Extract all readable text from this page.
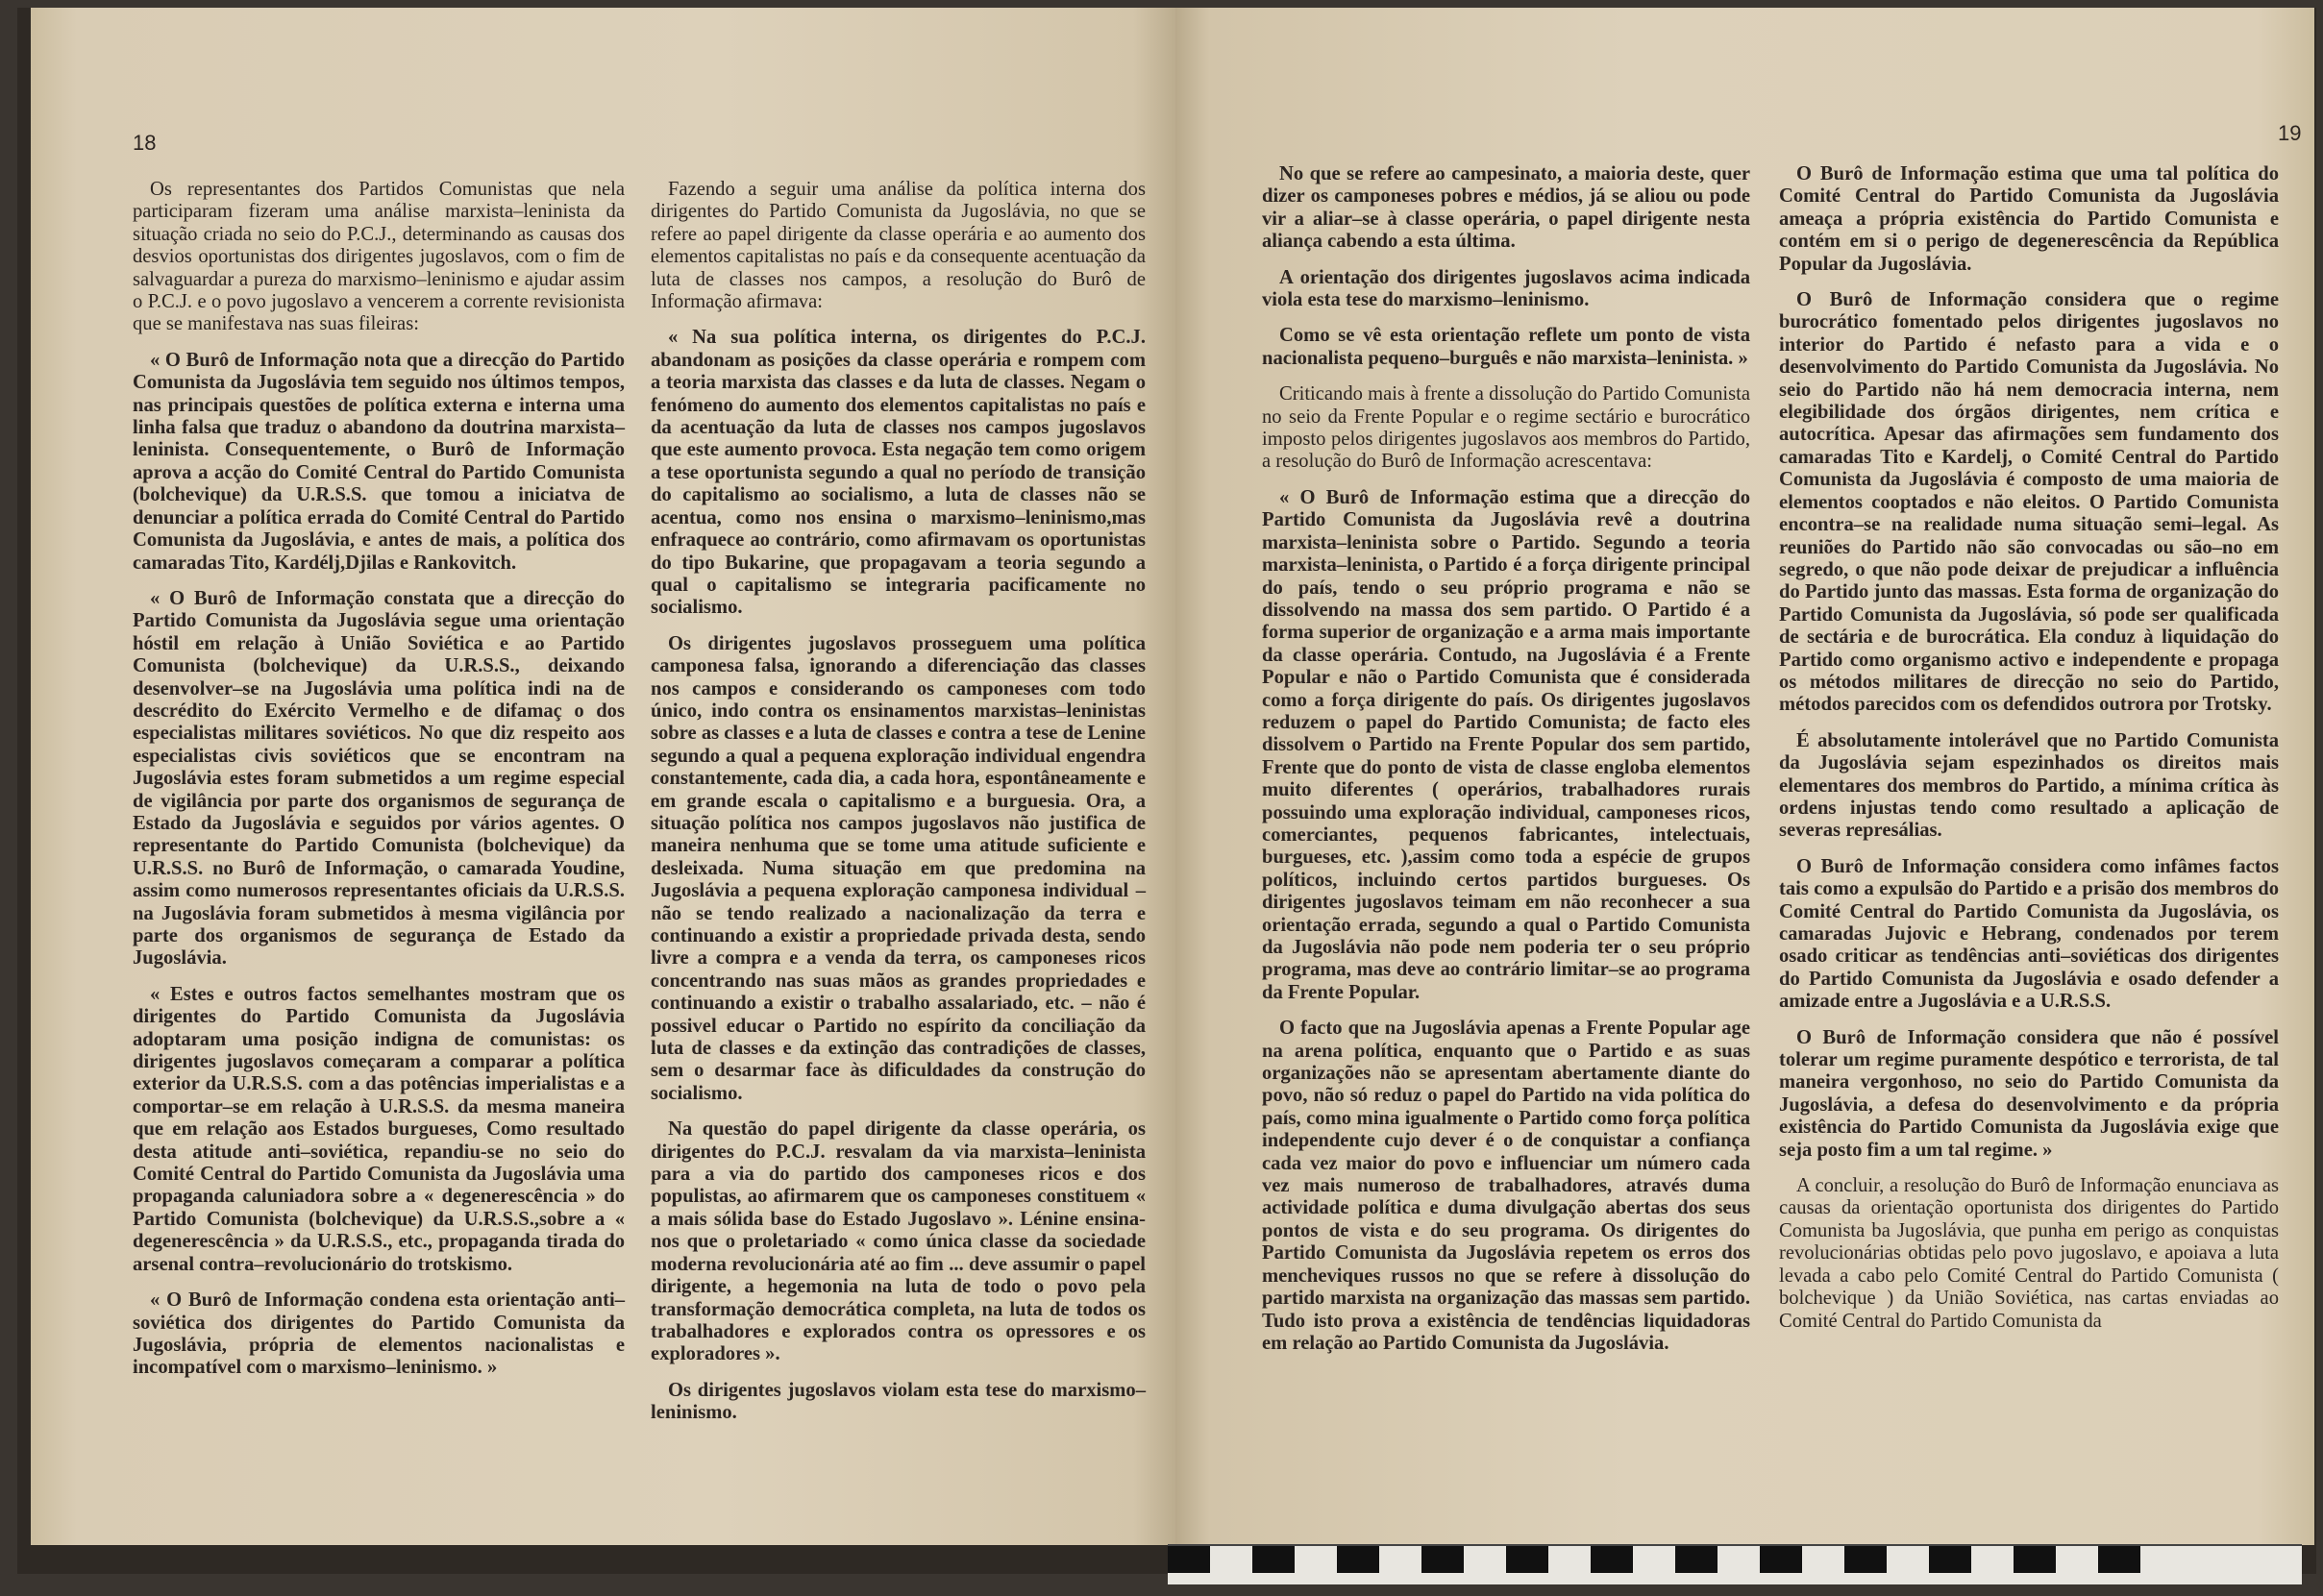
18

Os representantes dos Partidos Comunistas que nela participaram fizeram uma análise marxista–leninista da situação criada no seio do P.C.J., determinando as causas dos desvios oportunistas dos dirigentes jugoslavos, com o fim de salvaguardar a pureza do marxismo–leninismo e ajudar assim o P.C.J. e o povo jugoslavo a vencerem a corrente revisionista que se manifestava nas suas fileiras:

« O Burô de Informação nota que a direcção do Partido Comunista da Jugoslávia tem seguido nos últimos tempos, nas principais questões de política externa e interna uma linha falsa que traduz o abandono da doutrina marxista–leninista. Consequentemente, o Burô de Informação aprova a acção do Comité Central do Partido Comunista (bolchevique) da U.R.S.S. que tomou a iniciatva de denunciar a política errada do Comité Central do Partido Comunista da Jugoslávia, e antes de mais, a política dos camaradas Tito, Kardélj,Djilas e Rankovitch.

« O Burô de Informação constata que a direcção do Partido Comunista da Jugoslávia segue uma orientação hóstil em relação à União Soviética e ao Partido Comunista (bolchevique) da U.R.S.S., deixando desenvolver–se na Jugoslávia uma política indi na de descrédito do Exército Vermelho e de difamaç o dos especialistas militares soviéticos. No que diz respeito aos especialistas civis soviéticos que se encontram na Jugoslávia estes foram submetidos a um regime especial de vigilância por parte dos organismos de segurança de Estado da Jugoslávia e seguidos por vários agentes. O representante do Partido Comunista (bolchevique) da U.R.S.S. no Burô de Informação, o camarada Youdine, assim como numerosos representantes oficiais da U.R.S.S. na Jugoslávia foram submetidos à mesma vigilância por parte dos organismos de segurança de Estado da Jugoslávia.

« Estes e outros factos semelhantes mostram que os dirigentes do Partido Comunista da Jugoslávia adoptaram uma posição indigna de comunistas: os dirigentes jugoslavos começaram a comparar a política exterior da U.R.S.S. com a das potências imperialistas e a comportar–se em relação à U.R.S.S. da mesma maneira que em relação aos Estados burgueses, Como resultado desta atitude anti–soviética, repandiu-se no seio do Comité Central do Partido Comunista da Jugoslávia uma propaganda caluniadora sobre a « degenerescência » do Partido Comunista (bolchevique) da U.R.S.S.,sobre a « degenerescência » da U.R.S.S., etc., propaganda tirada do arsenal contra–revolucionário do trotskismo.

« O Burô de Informação condena esta orientação anti–soviética dos dirigentes do Partido Comunista da Jugoslávia, própria de elementos nacionalistas e incompatível com o marxismo–leninismo. »

Fazendo a seguir uma análise da política interna dos dirigentes do Partido Comunista da Jugoslávia, no que se refere ao papel dirigente da classe operária e ao aumento dos elementos capitalistas no país e da consequente acentuação da luta de classes nos campos, a resolução do Burô de Informação afirmava:

« Na sua política interna, os dirigentes do P.C.J. abandonam as posições da classe operária e rompem com a teoria marxista das classes e da luta de classes. Negam o fenómeno do aumento dos elementos capitalistas no país e da acentuação da luta de classes nos campos jugoslavos que este aumento provoca. Esta negação tem como origem a tese oportunista segundo a qual no período de transição do capitalismo ao socialismo, a luta de classes não se acentua, como nos ensina o marxismo–leninismo,mas enfraquece ao contrário, como afirmavam os oportunistas do tipo Bukarine, que propagavam a teoria segundo a qual o capitalismo se integraria pacificamente no socialismo.

Os dirigentes jugoslavos prosseguem uma política camponesa falsa, ignorando a diferenciação das classes nos campos e considerando os camponeses com todo único, indo contra os ensinamentos marxistas–leninistas sobre as classes e a luta de classes e contra a tese de Lenine segundo a qual a pequena exploração individual engendra constantemente, cada dia, a cada hora, espontâneamente e em grande escala o capitalismo e a burguesia. Ora, a situação política nos campos jugoslavos não justifica de maneira nenhuma que se tome uma atitude suficiente e desleixada. Numa situação em que predomina na Jugoslávia a pequena exploração camponesa individual – não se tendo realizado a nacionalização da terra e continuando a existir a propriedade privada desta, sendo livre a compra e a venda da terra, os camponeses ricos concentrando nas suas mãos as grandes propriedades e continuando a existir o trabalho assalariado, etc. – não é possivel educar o Partido no espírito da conciliação da luta de classes e da extinção das contradições de classes, sem o desarmar face às dificuldades da construção do socialismo.

Na questão do papel dirigente da classe operária, os dirigentes do P.C.J. resvalam da via marxista–leninista para a via do partido dos camponeses ricos e dos populistas, ao afirmarem que os camponeses constituem « a mais sólida base do Estado Jugoslavo ». Lénine ensina-nos que o proletariado « como única classe da sociedade moderna revolucionária até ao fim ... deve assumir o papel dirigente, a hegemonia na luta de todo o povo pela transformação democrática completa, na luta de todos os trabalhadores e explorados contra os opressores e os exploradores ».

Os dirigentes jugoslavos violam esta tese do marxismo–leninismo.

19

No que se refere ao campesinato, a maioria deste, quer dizer os camponeses pobres e médios, já se aliou ou pode vir a aliar–se à classe operária, o papel dirigente nesta aliança cabendo a esta última.

A orientação dos dirigentes jugoslavos acima indicada viola esta tese do marxismo–leninismo.

Como se vê esta orientação reflete um ponto de vista nacionalista pequeno–burguês e não marxista–leninista. »

Criticando mais à frente a dissolução do Partido Comunista no seio da Frente Popular e o regime sectário e burocrático imposto pelos dirigentes jugoslavos aos membros do Partido, a resolução do Burô de Informação acrescentava:

« O Burô de Informação estima que a direcção do Partido Comunista da Jugoslávia revê a doutrina marxista–leninista sobre o Partido. Segundo a teoria marxista–leninista, o Partido é a força dirigente principal do país, tendo o seu próprio programa e não se dissolvendo na massa dos sem partido. O Partido é a forma superior de organização e a arma mais importante da classe operária. Contudo, na Jugoslávia é a Frente Popular e não o Partido Comunista que é considerada como a força dirigente do país. Os dirigentes jugoslavos reduzem o papel do Partido Comunista; de facto eles dissolvem o Partido na Frente Popular dos sem partido, Frente que do ponto de vista de classe engloba elementos muito diferentes ( operários, trabalhadores rurais possuindo uma exploração individual, camponeses ricos, comerciantes, pequenos fabricantes, intelectuais, burgueses, etc. ),assim como toda a espécie de grupos políticos, incluindo certos partidos burgueses. Os dirigentes jugoslavos teimam em não reconhecer a sua orientação errada, segundo a qual o Partido Comunista da Jugoslávia não pode nem poderia ter o seu próprio programa, mas deve ao contrário limitar–se ao programa da Frente Popular.

O facto que na Jugoslávia apenas a Frente Popular age na arena política, enquanto que o Partido e as suas organizações não se apresentam abertamente diante do povo, não só reduz o papel do Partido na vida política do país, como mina igualmente o Partido como força política independente cujo dever é o de conquistar a confiança cada vez maior do povo e influenciar um número cada vez mais numeroso de trabalhadores, através duma actividade política e duma divulgação abertas dos seus pontos de vista e do seu programa. Os dirigentes do Partido Comunista da Jugoslávia repetem os erros dos mencheviques russos no que se refere à dissolução do partido marxista na organização das massas sem partido. Tudo isto prova a existência de tendências liquidadoras em relação ao Partido Comunista da Jugoslávia.

O Burô de Informação estima que uma tal política do Comité Central do Partido Comunista da Jugoslávia ameaça a própria existência do Partido Comunista e contém em si o perigo de degenerescência da República Popular da Jugoslávia.

O Burô de Informação considera que o regime burocrático fomentado pelos dirigentes jugoslavos no interior do Partido é nefasto para a vida e o desenvolvimento do Partido Comunista da Jugoslávia. No seio do Partido não há nem democracia interna, nem elegibilidade dos órgãos dirigentes, nem crítica e autocrítica. Apesar das afirmações sem fundamento dos camaradas Tito e Kardelj, o Comité Central do Partido Comunista da Jugoslávia é composto de uma maioria de elementos cooptados e não eleitos. O Partido Comunista encontra–se na realidade numa situação semi–legal. As reuniões do Partido não são convocadas ou são–no em segredo, o que não pode deixar de prejudicar a influência do Partido junto das massas. Esta forma de organização do Partido Comunista da Jugoslávia, só pode ser qualificada de sectária e de burocrática. Ela conduz à liquidação do Partido como organismo activo e independente e propaga os métodos militares de direcção no seio do Partido, métodos parecidos com os defendidos outrora por Trotsky.

É absolutamente intolerável que no Partido Comunista da Jugoslávia sejam espezinhados os direitos mais elementares dos membros do Partido, a mínima crítica às ordens injustas tendo como resultado a aplicação de severas represálias.

O Burô de Informação considera como infâmes factos tais como a expulsão do Partido e a prisão dos membros do Comité Central do Partido Comunista da Jugoslávia, os camaradas Jujovic e Hebrang, condenados por terem osado criticar as tendências anti–soviéticas dos dirigentes do Partido Comunista da Jugoslávia e osado defender a amizade entre a Jugoslávia e a U.R.S.S.

O Burô de Informação considera que não é possível tolerar um regime puramente despótico e terrorista, de tal maneira vergonhoso, no seio do Partido Comunista da Jugoslávia, a defesa do desenvolvimento e da própria existência do Partido Comunista da Jugoslávia exige que seja posto fim a um tal regime. »

A concluir, a resolução do Burô de Informação enunciava as causas da orientação oportunista dos dirigentes do Partido Comunista ba Jugoslávia, que punha em perigo as conquistas revolucionárias obtidas pelo povo jugoslavo, e apoiava a luta levada a cabo pelo Comité Central do Partido Comunista ( bolchevique ) da União Soviética, nas cartas enviadas ao Comité Central do Partido Comunista da
